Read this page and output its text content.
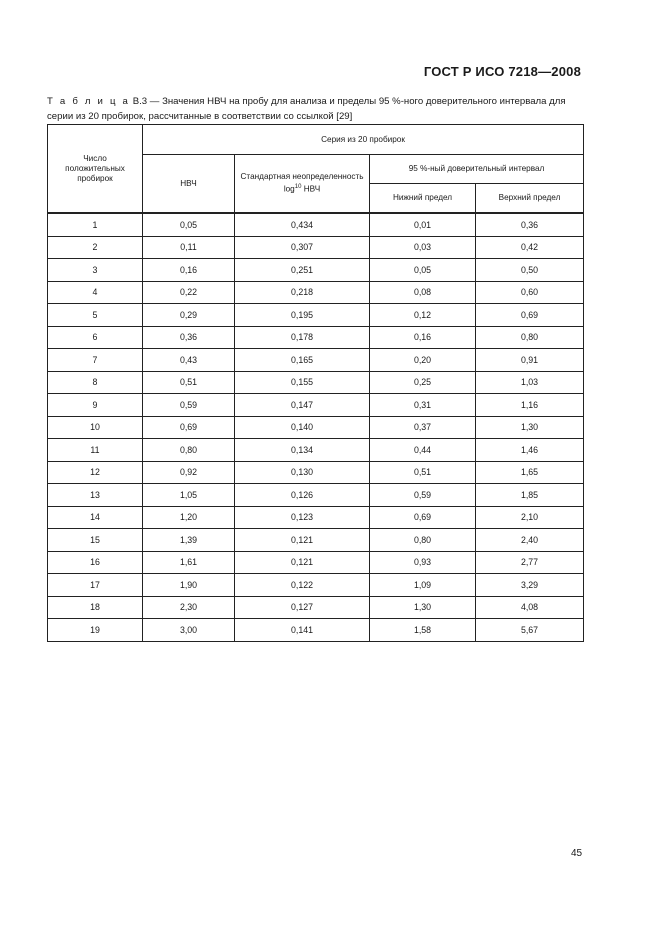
ГОСТ Р ИСО 7218—2008
Т а б л и ц а В.3 — Значения НВЧ на пробу для анализа и пределы 95 %-ного доверительного интервала для серии из 20 пробирок, рассчитанные в соответствии со ссылкой [29]
Число положительных пробирок	Серия из 20 пробирок			
	НВЧ	Стандартная неопределенность $\log^{10}$ НВЧ	95 %-ный доверительный интервал	
			Нижний предел	Верхний предел
1	0,05	0,434	0,01	0,36
2	0,11	0,307	0,03	0,42
3	0,16	0,251	0,05	0,50
4	0,22	0,218	0,08	0,60
5	0,29	0,195	0,12	0,69
6	0,36	0,178	0,16	0,80
7	0,43	0,165	0,20	0,91
8	0,51	0,155	0,25	1,03
9	0,59	0,147	0,31	1,16
10	0,69	0,140	0,37	1,30
11	0,80	0,134	0,44	1,46
12	0,92	0,130	0,51	1,65
13	1,05	0,126	0,59	1,85
14	1,20	0,123	0,69	2,10
15	1,39	0,121	0,80	2,40
16	1,61	0,121	0,93	2,77
17	1,90	0,122	1,09	3,29
18	2,30	0,127	1,30	4,08
19	3,00	0,141	1,58	5,67
45
